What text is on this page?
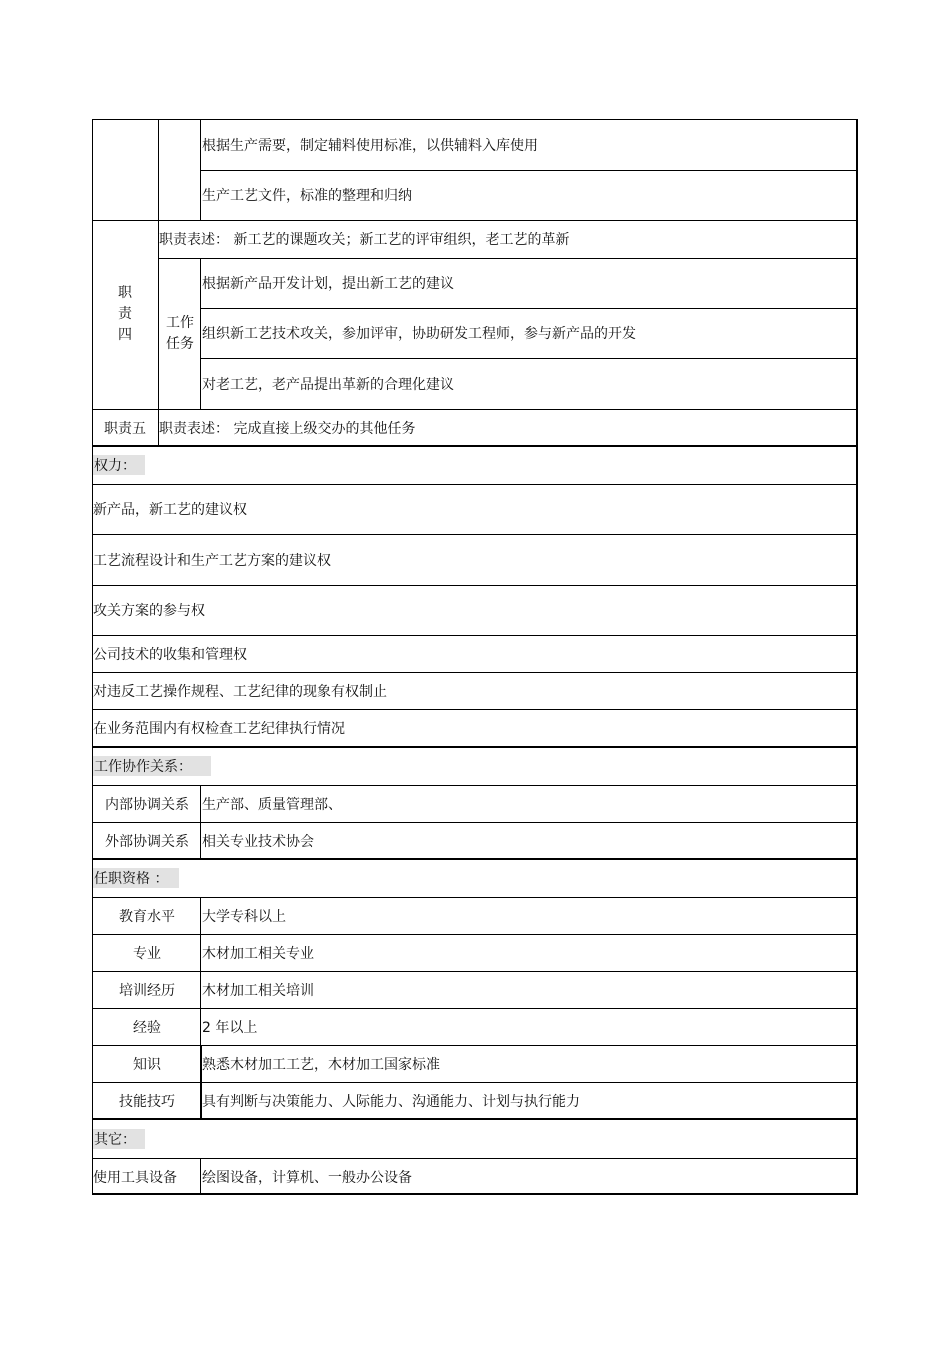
根据生产需要，制定辅料使用标准，以供辅料入库使用
生产工艺文件，标准的整理和归纳
职
责
四
职责表述： 新工艺的课题攻关；新工艺的评审组织，老工艺的革新
工作
任务
根据新产品开发计划，提出新工艺的建议
组织新工艺技术攻关，参加评审，协助研发工程师，参与新产品的开发
对老工艺，老产品提出革新的合理化建议
职责五 职责表述： 完成直接上级交办的其他任务
权力：
新产品，新工艺的建议权
工艺流程设计和生产工艺方案的建议权
攻关方案的参与权
公司技术的收集和管理权
对违反工艺操作规程、工艺纪律的现象有权制止
在业务范围内有权检查工艺纪律执行情况
工作协作关系：
内部协调关系 生产部、质量管理部、
外部协调关系 相关专业技术协会
任职资格 ：
教育水平 大学专科以上
专业	木材加工相关专业
培训经历 木材加工相关培训
经验	2 年以上
知识	熟悉木材加工工艺，木材加工国家标准
技能技巧 具有判断与决策能力、人际能力、沟通能力、计划与执行能力
其它：
使用工具设备 绘图设备，计算机、一般办公设备
